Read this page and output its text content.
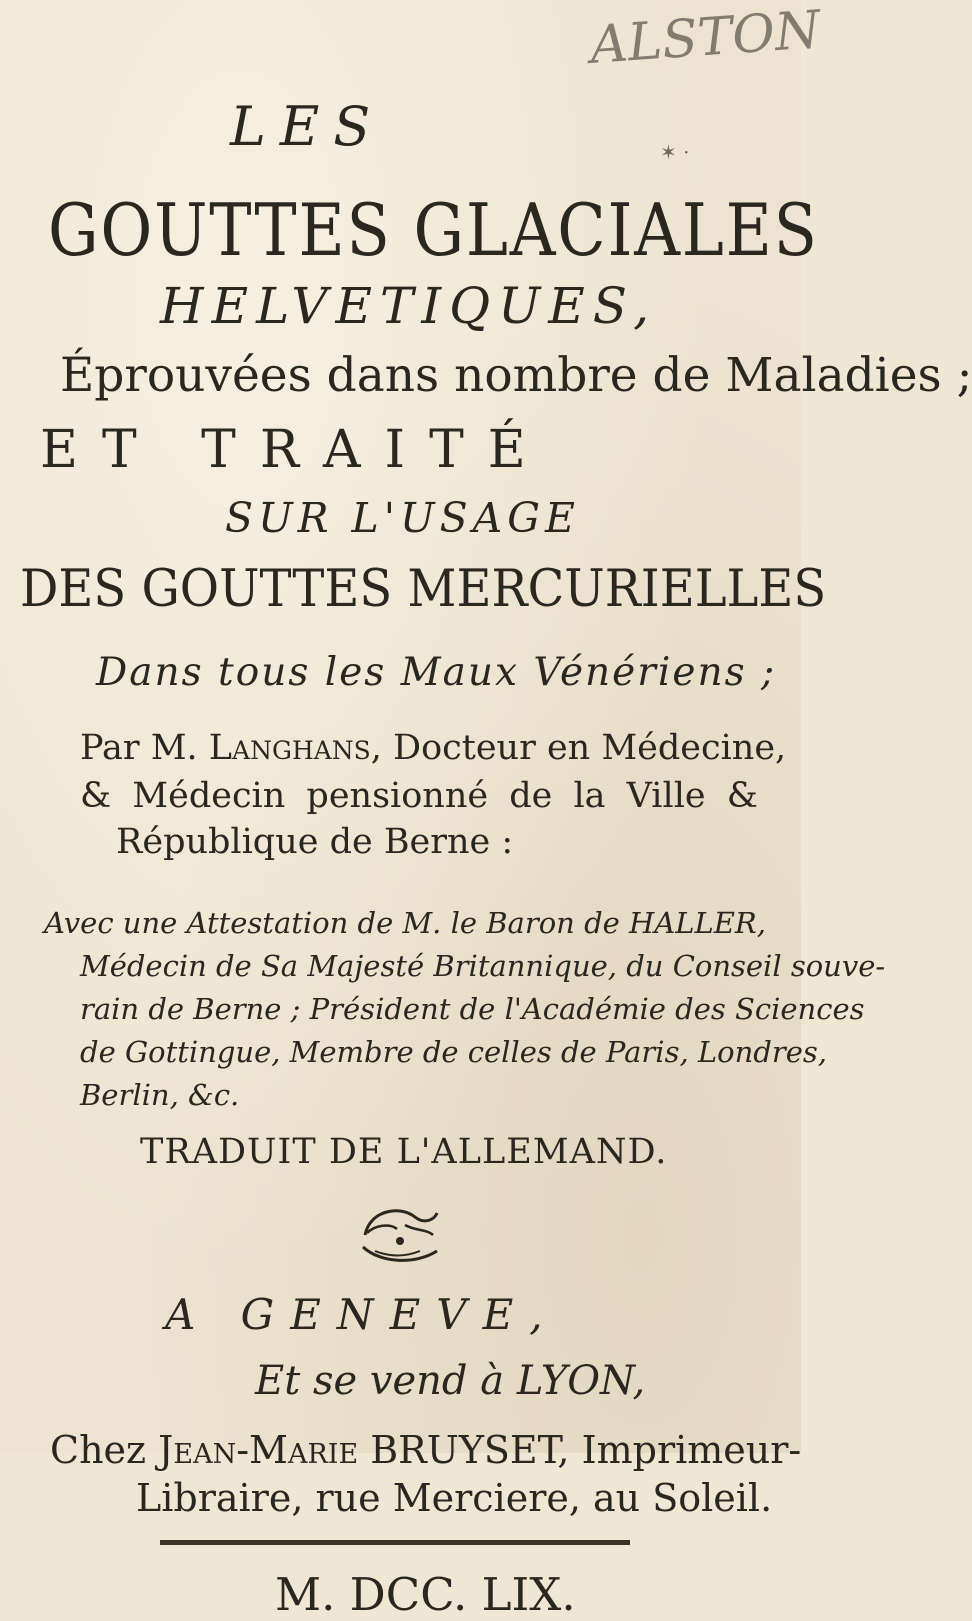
ALSTON
✶ ·
LES
GOUTTES GLACIALES
HELVETIQUES,
Éprouvées dans nombre de Maladies ;
ET TRAITÉ
SUR L'USAGE
DES GOUTTES MERCURIELLES
Dans tous les Maux Vénériens ;
Par M. Langhans, Docteur en Médecine,
& Médecin pensionné de la Ville &
République de Berne :
Avec une Attestation de M. le Baron de HALLER,
Médecin de Sa Majesté Britannique, du Conseil souve-
rain de Berne ; Président de l'Académie des Sciences
de Gottingue, Membre de celles de Paris, Londres,
Berlin, &c.
TRADUIT DE L'ALLEMAND.
A GENEVE,
Et se vend à LYON,
Chez Jean-Marie BRUYSET, Imprimeur-
Libraire, rue Merciere, au Soleil.
M. DCC. LIX.
